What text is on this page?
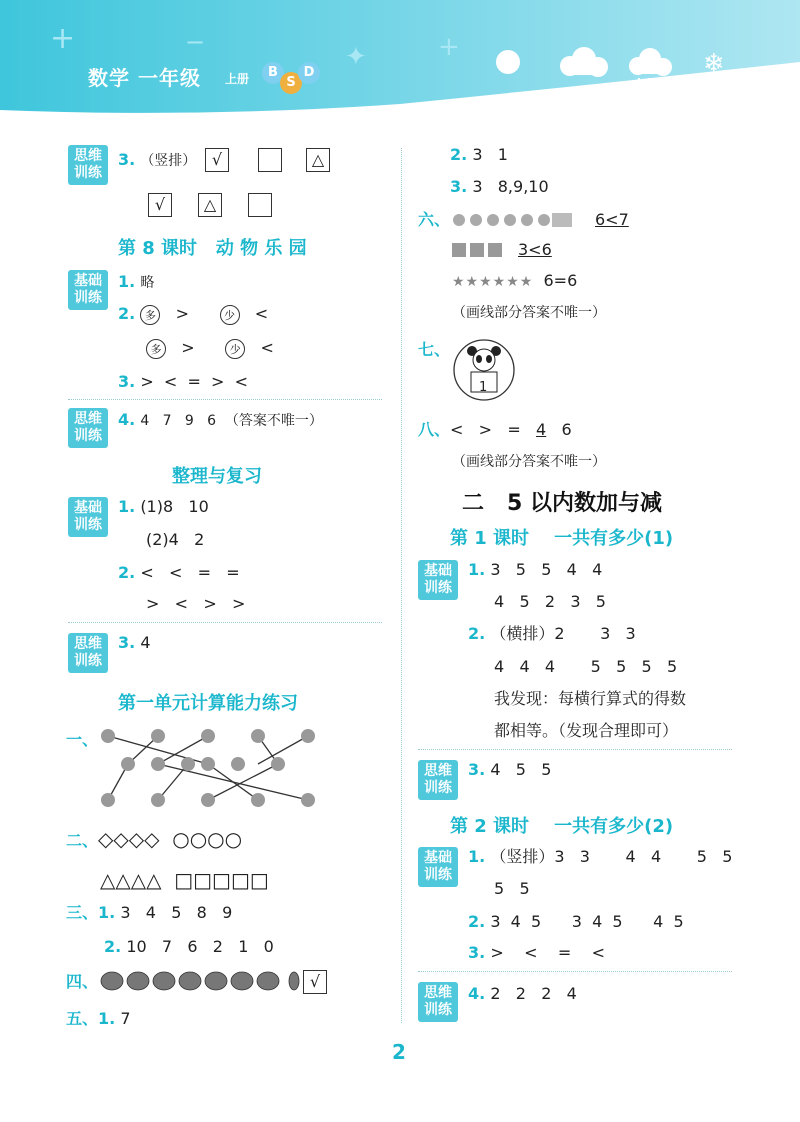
+	−	✦	+
❄
数学 一年级 上册	B
S
D
思维
训练
3. （竖排） √	△
√	△
第 8 课时   动 物 乐 园
基础
训练
1. 略
2. 多 >	少 <
多 >	少 <
3. >  <  =  >  <
思维
训练
4. 4   7   9   6  （答案不唯一）
整理与复习
基础
训练
1. (1)8   10
(2)4   2
2. <   <   =   =
>   <   >   >
思维
训练
3. 4
第一单元计算能力练习
一、
二、◇◇◇◇ ○○○○
△△△△ □□□□□
三、1. 3   4   5   8   9
2. 10   7   6   2   1   0
四、	√
五、1. 7
2. 3   1
3. 3   8,9,10
六、	6<7
3<6
★★★★★★ 6=6
（画线部分答案不唯一）
七、
1
八、<   >   =   4   6
（画线部分答案不唯一）
二   5 以内数加与减
第 1 课时    一共有多少(1)
基础
训练
1. 3   5   5   4   4
4   5   2   3   5
2. （横排）2       3   3
4   4   4       5   5   5   5
我发现：每横行算式的得数
都相等。（发现合理即可）
思维
训练
3. 4   5   5
第 2 课时    一共有多少(2)
基础
训练
1. （竖排）3   3       4   4       5   5
5   5
2. 3  4  5      3  4  5      4  5
3. >    <    =    <
思维
训练
4. 2   2   2   4
2
